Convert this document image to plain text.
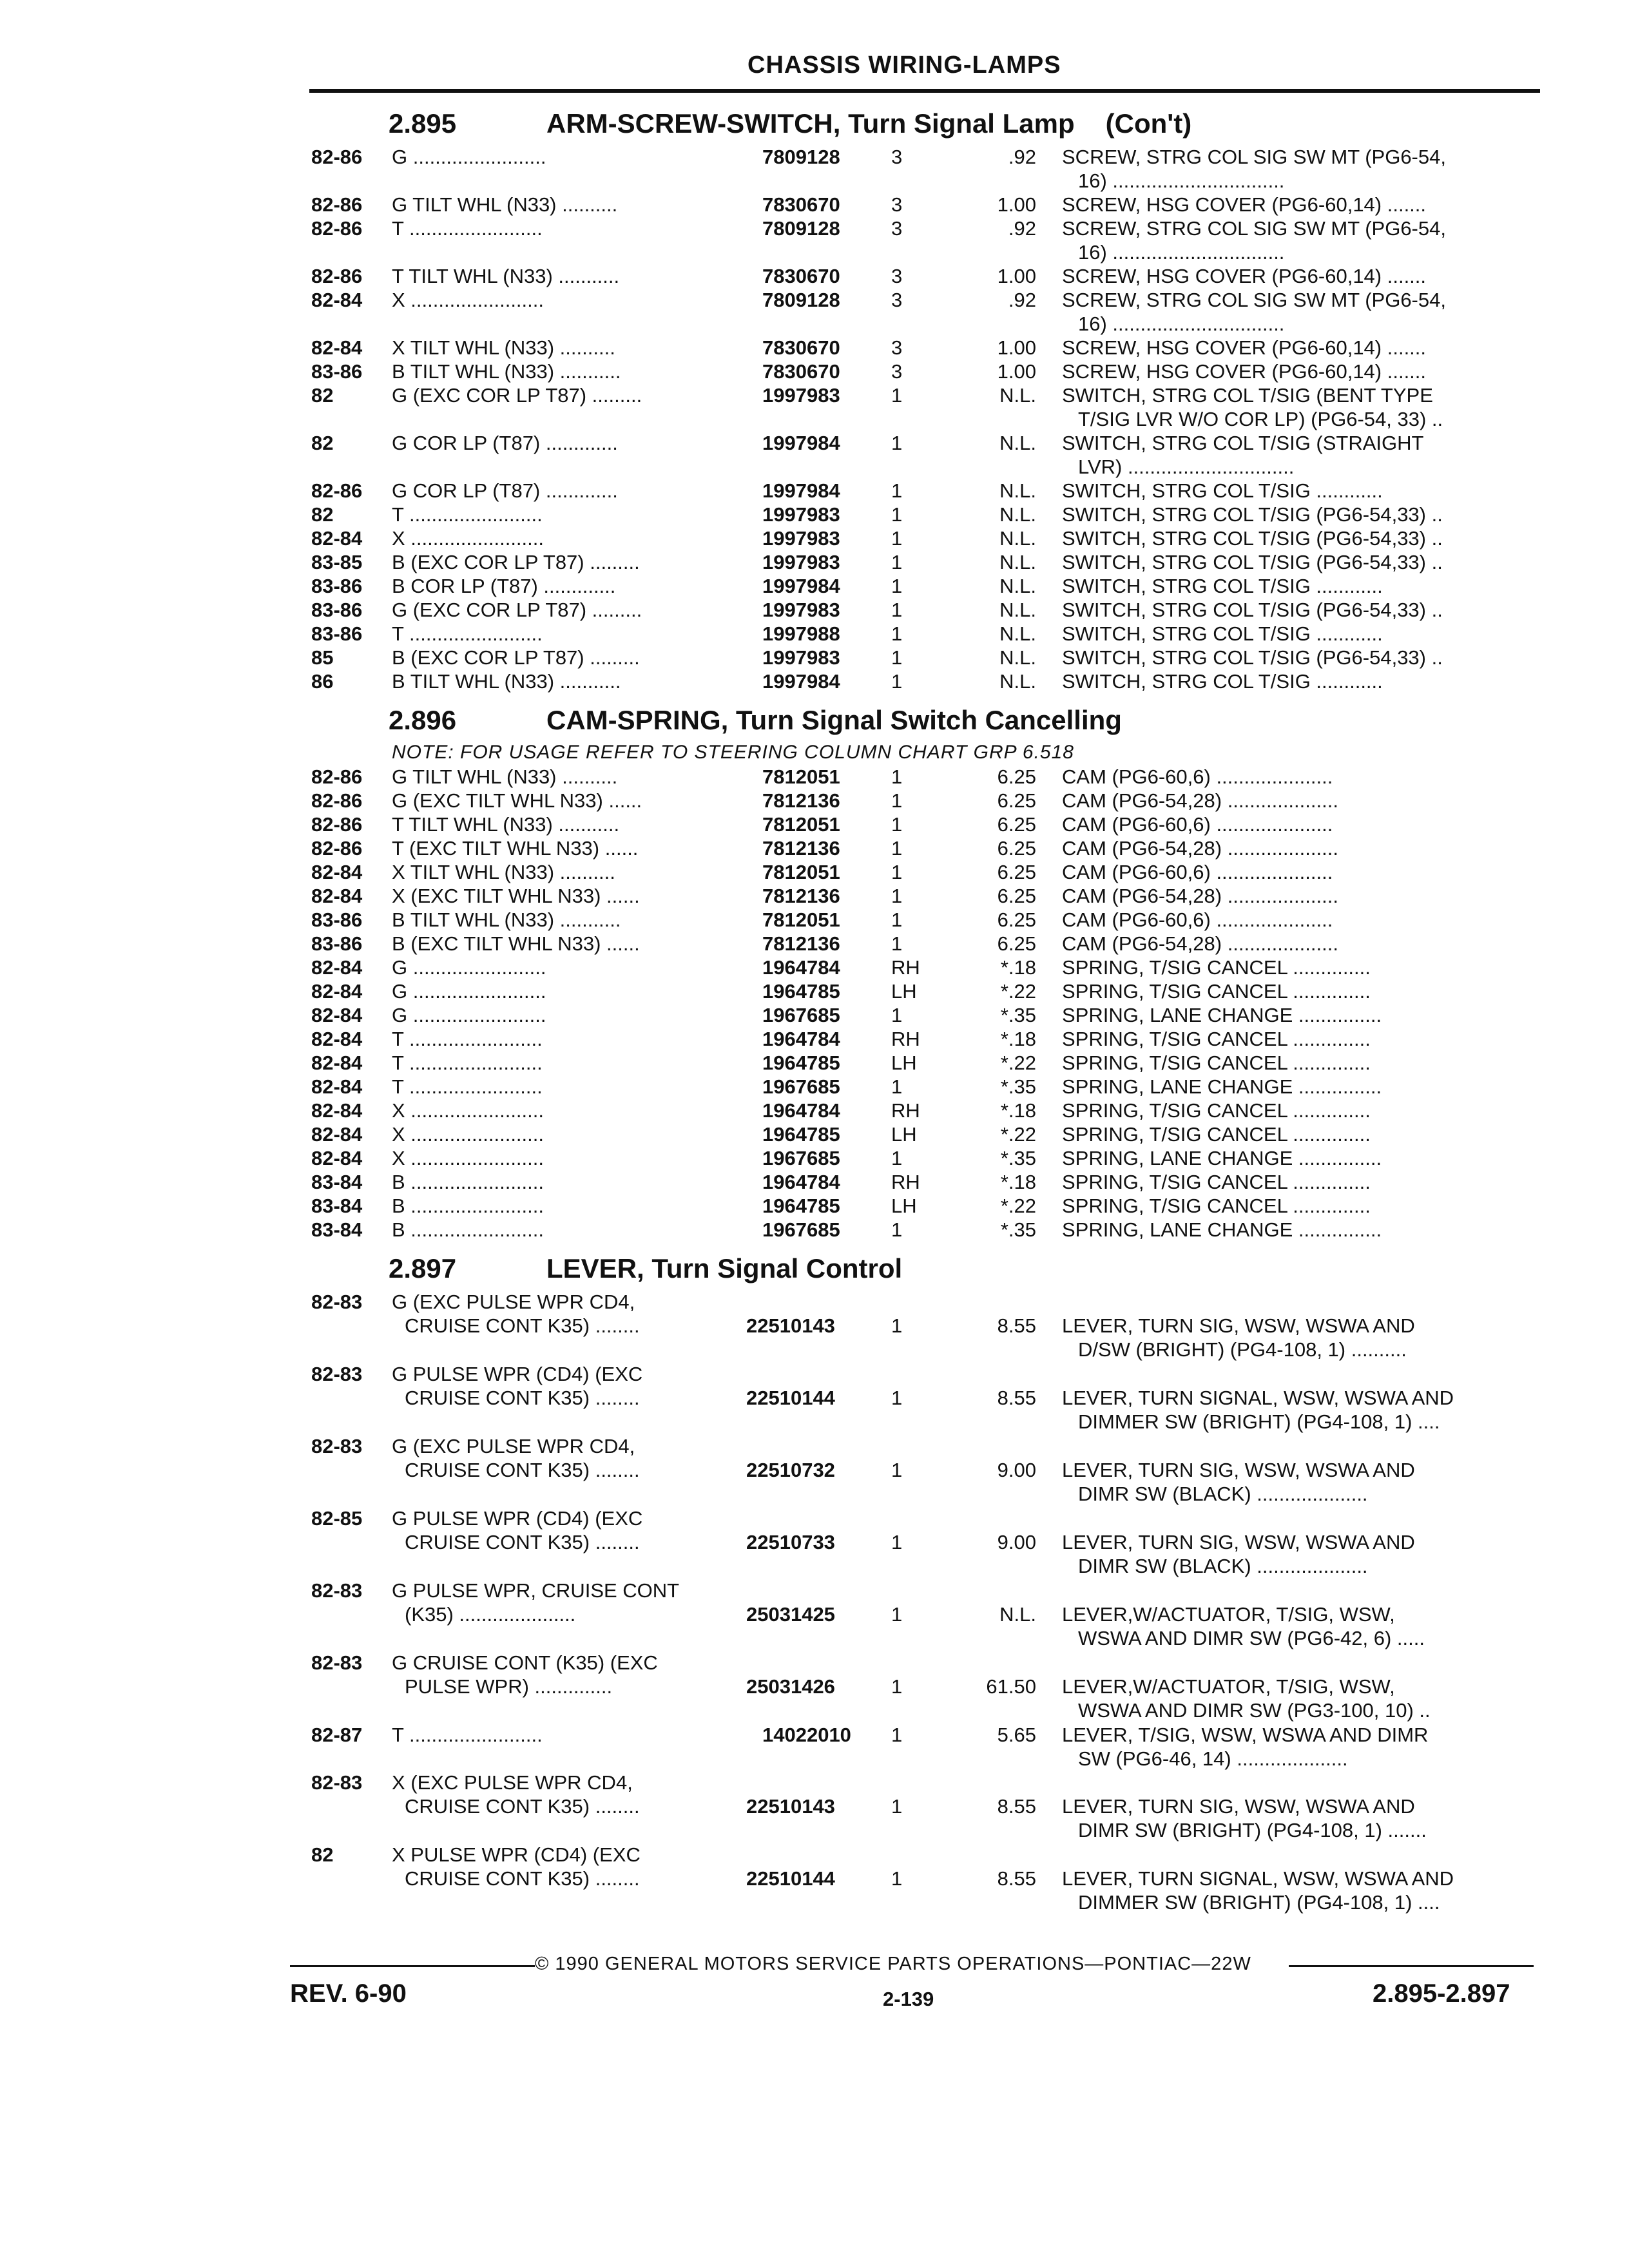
CHASSIS WIRING-LAMPS
2.895	ARM-SCREW-SWITCH, Turn Signal Lamp (Con't)
82-86 G ........................	7809128	3	.92 SCREW, STRG COL SIG SW MT (PG6-54,
16) ...............................
82-86 G TILT WHL (N33) ..........	7830670	3	1.00 SCREW, HSG COVER (PG6-60,14) .......
82-86 T ........................	7809128	3	.92 SCREW, STRG COL SIG SW MT (PG6-54,
16) ...............................
82-86 T TILT WHL (N33) ...........	7830670	3	1.00 SCREW, HSG COVER (PG6-60,14) .......
82-84 X ........................	7809128	3	.92 SCREW, STRG COL SIG SW MT (PG6-54,
16) ...............................
82-84 X TILT WHL (N33) ..........	7830670	3	1.00 SCREW, HSG COVER (PG6-60,14) .......
83-86 B TILT WHL (N33) ...........	7830670	3	1.00 SCREW, HSG COVER (PG6-60,14) .......
82	G (EXC COR LP T87) .........	1997983	1	N.L. SWITCH, STRG COL T/SIG (BENT TYPE
T/SIG LVR W/O COR LP) (PG6-54, 33) ..
82	G COR LP (T87) .............	1997984	1	N.L. SWITCH, STRG COL T/SIG (STRAIGHT
LVR) ..............................
82-86 G COR LP (T87) .............	1997984	1	N.L. SWITCH, STRG COL T/SIG ............
82	T ........................	1997983	1	N.L. SWITCH, STRG COL T/SIG (PG6-54,33) ..
82-84 X ........................	1997983	1	N.L. SWITCH, STRG COL T/SIG (PG6-54,33) ..
83-85 B (EXC COR LP T87) .........	1997983	1	N.L. SWITCH, STRG COL T/SIG (PG6-54,33) ..
83-86 B COR LP (T87) .............	1997984	1	N.L. SWITCH, STRG COL T/SIG ............
83-86 G (EXC COR LP T87) .........	1997983	1	N.L. SWITCH, STRG COL T/SIG (PG6-54,33) ..
83-86 T ........................	1997988	1	N.L. SWITCH, STRG COL T/SIG ............
85	B (EXC COR LP T87) .........	1997983	1	N.L. SWITCH, STRG COL T/SIG (PG6-54,33) ..
86	B TILT WHL (N33) ...........	1997984	1	N.L. SWITCH, STRG COL T/SIG ............
2.896	CAM-SPRING, Turn Signal Switch Cancelling
NOTE: FOR USAGE REFER TO STEERING COLUMN CHART GRP 6.518
82-86 G TILT WHL (N33) ..........	7812051	1	6.25 CAM (PG6-60,6) .....................
82-86 G (EXC TILT WHL N33) ......	7812136	1	6.25 CAM (PG6-54,28) ....................
82-86 T TILT WHL (N33) ...........	7812051	1	6.25 CAM (PG6-60,6) .....................
82-86 T (EXC TILT WHL N33) ......	7812136	1	6.25 CAM (PG6-54,28) ....................
82-84 X TILT WHL (N33) ..........	7812051	1	6.25 CAM (PG6-60,6) .....................
82-84 X (EXC TILT WHL N33) ......	7812136	1	6.25 CAM (PG6-54,28) ....................
83-86 B TILT WHL (N33) ...........	7812051	1	6.25 CAM (PG6-60,6) .....................
83-86 B (EXC TILT WHL N33) ......	7812136	1	6.25 CAM (PG6-54,28) ....................
82-84 G ........................	1964784	RH	*.18 SPRING, T/SIG CANCEL ..............
82-84 G ........................	1964785	LH	*.22 SPRING, T/SIG CANCEL ..............
82-84 G ........................	1967685	1	*.35 SPRING, LANE CHANGE ...............
82-84 T ........................	1964784	RH	*.18 SPRING, T/SIG CANCEL ..............
82-84 T ........................	1964785	LH	*.22 SPRING, T/SIG CANCEL ..............
82-84 T ........................	1967685	1	*.35 SPRING, LANE CHANGE ...............
82-84 X ........................	1964784	RH	*.18 SPRING, T/SIG CANCEL ..............
82-84 X ........................	1964785	LH	*.22 SPRING, T/SIG CANCEL ..............
82-84 X ........................	1967685	1	*.35 SPRING, LANE CHANGE ...............
83-84 B ........................	1964784	RH	*.18 SPRING, T/SIG CANCEL ..............
83-84 B ........................	1964785	LH	*.22 SPRING, T/SIG CANCEL ..............
83-84 B ........................	1967685	1	*.35 SPRING, LANE CHANGE ...............
2.897	LEVER, Turn Signal Control
82-83 G (EXC PULSE WPR CD4,
CRUISE CONT K35) ........	22510143	1	8.55 LEVER, TURN SIG, WSW, WSWA AND
D/SW (BRIGHT) (PG4-108, 1) ..........
82-83 G PULSE WPR (CD4) (EXC
CRUISE CONT K35) ........	22510144	1	8.55 LEVER, TURN SIGNAL, WSW, WSWA AND
DIMMER SW (BRIGHT) (PG4-108, 1) ....
82-83 G (EXC PULSE WPR CD4,
CRUISE CONT K35) ........	22510732	1	9.00 LEVER, TURN SIG, WSW, WSWA AND
DIMR SW (BLACK) ....................
82-85 G PULSE WPR (CD4) (EXC
CRUISE CONT K35) ........	22510733	1	9.00 LEVER, TURN SIG, WSW, WSWA AND
DIMR SW (BLACK) ....................
82-83 G PULSE WPR, CRUISE CONT
(K35) .....................	25031425	1	N.L. LEVER,W/ACTUATOR, T/SIG, WSW,
WSWA AND DIMR SW (PG6-42, 6) .....
82-83 G CRUISE CONT (K35) (EXC
PULSE WPR) ..............	25031426	1	61.50 LEVER,W/ACTUATOR, T/SIG, WSW,
WSWA AND DIMR SW (PG3-100, 10) ..
82-87 T ........................	14022010 1	5.65 LEVER, T/SIG, WSW, WSWA AND DIMR
SW (PG6-46, 14) ....................
82-83 X (EXC PULSE WPR CD4,
CRUISE CONT K35) ........	22510143	1	8.55 LEVER, TURN SIG, WSW, WSWA AND
DIMR SW (BRIGHT) (PG4-108, 1) .......
82	X PULSE WPR (CD4) (EXC
CRUISE CONT K35) ........	22510144	1	8.55 LEVER, TURN SIGNAL, WSW, WSWA AND
DIMMER SW (BRIGHT) (PG4-108, 1) ....
© 1990 GENERAL MOTORS SERVICE PARTS OPERATIONS—PONTIAC—22W
REV. 6-90	2-139	2.895-2.897
